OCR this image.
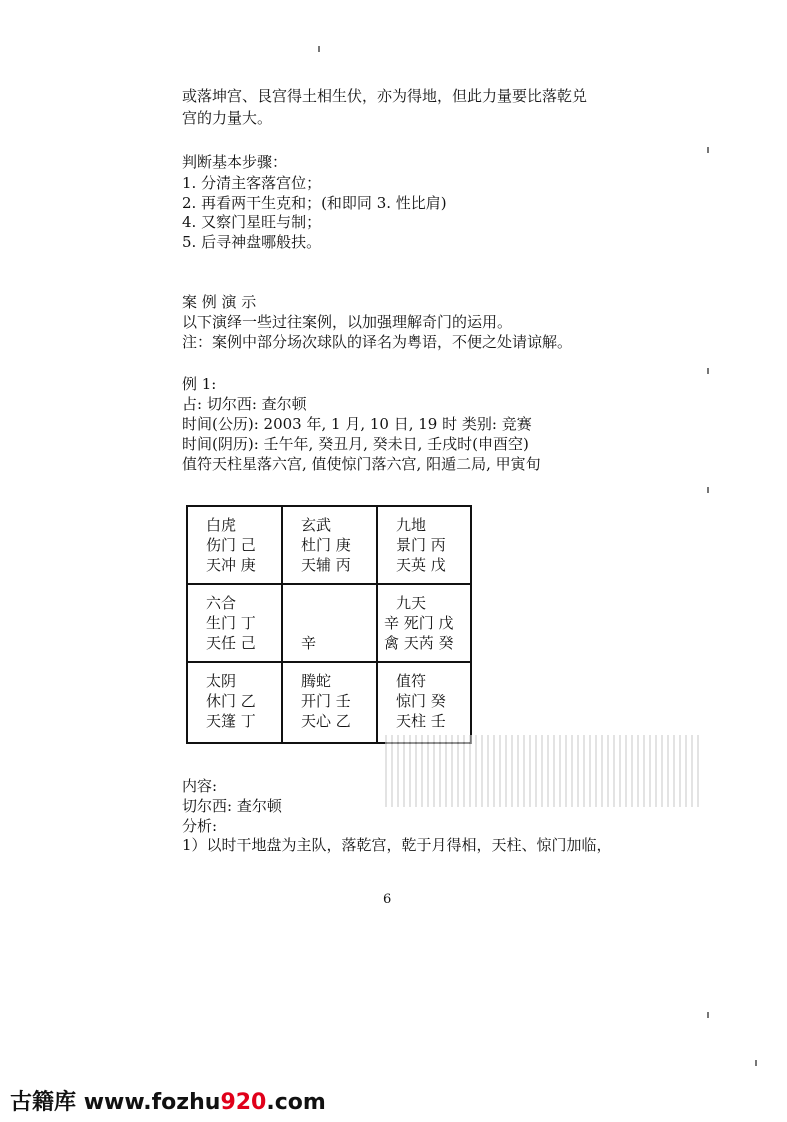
或落坤宫、艮宫得土相生伏，亦为得地，但此力量要比落乾兑
宫的力量大。
判断基本步骤：
1. 分清主客落宫位；
2. 再看两干生克和；(和即同 3. 性比肩)
4. 又察门星旺与制；
5. 后寻神盘哪般扶。
案 例 演 示
以下演绎一些过往案例，以加强理解奇门的运用。
注：案例中部分场次球队的译名为粤语，不便之处请谅解。
例 1:
占: 切尔西: 查尔顿
时间(公历): 2003 年, 1 月, 10 日, 19 时 类别: 竞赛
时间(阴历): 壬午年, 癸丑月, 癸未日, 壬戌时(申酉空)
值符天柱星落六宫, 值使惊门落六宫, 阳遁二局, 甲寅旬
白虎
伤门 己
天冲 庚
玄武
杜门 庚
天辅 丙
九地
景门 丙
天英 戊
六合
生门 丁
天任 己	辛
九天
辛 死门 戊
禽 天芮 癸
太阴
休门 乙
天篷 丁
腾蛇
开门 壬
天心 乙
值符
惊门 癸
天柱 壬
内容:
切尔西: 查尔顿
分析:
1）以时干地盘为主队，落乾宫，乾于月得相，天柱、惊门加临，
6
古籍库 www.fozhu920.com
